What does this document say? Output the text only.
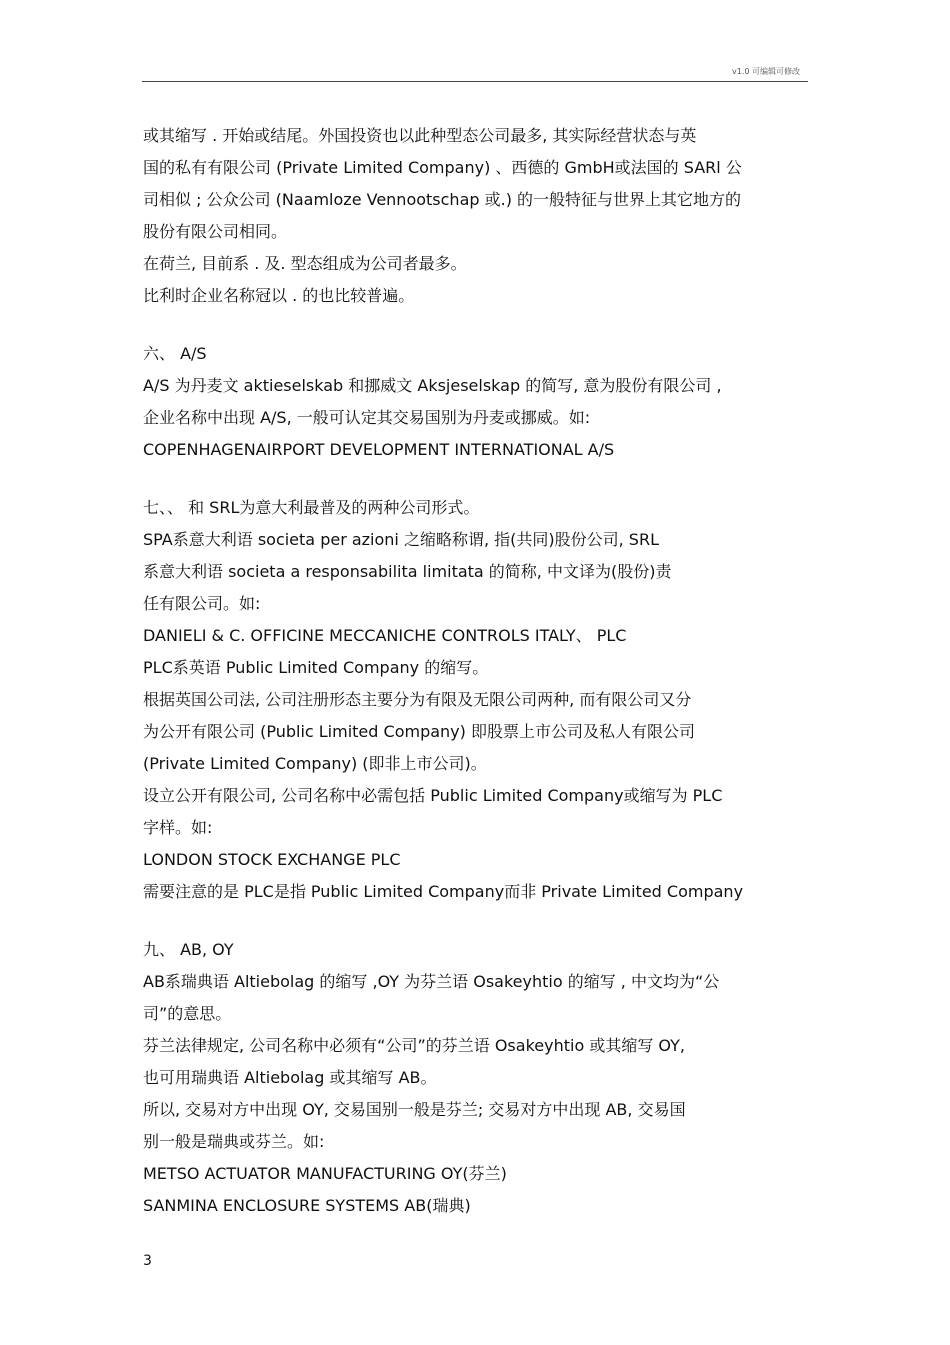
v1.0 可编辑可修改
或其缩写 . 开始或结尾。外国投资也以此种型态公司最多, 其实际经营状态与英
国的私有有限公司 (Private Limited Company) 、西德的 GmbH或法国的 SARl 公
司相似 ; 公众公司 (Naamloze Vennootschap 或.) 的一般特征与世界上其它地方的
股份有限公司相同。
在荷兰, 目前系 . 及. 型态组成为公司者最多。
比利时企业名称冠以 . 的也比较普遍。
六、 A/S
A/S 为丹麦文 aktieselskab 和挪威文 Aksjeselskap 的简写, 意为股份有限公司 ,
企业名称中出现 A/S, 一般可认定其交易国别为丹麦或挪威。如:
COPENHAGENAIRPORT DEVELOPMENT INTERNATIONAL A/S
七、、 和 SRL为意大利最普及的两种公司形式。
SPA系意大利语 societa per azioni 之缩略称谓, 指(共同)股份公司, SRL
系意大利语 societa a responsabilita limitata 的简称, 中文译为(股份)责
任有限公司。如:
DANIELI & C. OFFICINE MECCANICHE CONTROLS ITALY、 PLC
PLC系英语 Public Limited Company 的缩写。
根据英国公司法, 公司注册形态主要分为有限及无限公司两种, 而有限公司又分
为公开有限公司 (Public Limited Company) 即股票上市公司及私人有限公司
(Private Limited Company) (即非上市公司)。
设立公开有限公司, 公司名称中必需包括 Public Limited Company或缩写为 PLC
字样。如:
LONDON STOCK EXCHANGE PLC
需要注意的是 PLC是指 Public Limited Company而非 Private Limited Company
九、 AB, OY
AB系瑞典语 Altiebolag 的缩写 ,OY 为芬兰语 Osakeyhtio 的缩写 , 中文均为“公
司”的意思。
芬兰法律规定, 公司名称中必须有“公司”的芬兰语 Osakeyhtio 或其缩写 OY,
也可用瑞典语 Altiebolag 或其缩写 AB。
所以, 交易对方中出现 OY, 交易国别一般是芬兰; 交易对方中出现 AB, 交易国
别一般是瑞典或芬兰。如:
METSO ACTUATOR MANUFACTURING OY(芬兰)
SANMINA ENCLOSURE SYSTEMS AB(瑞典)
3
